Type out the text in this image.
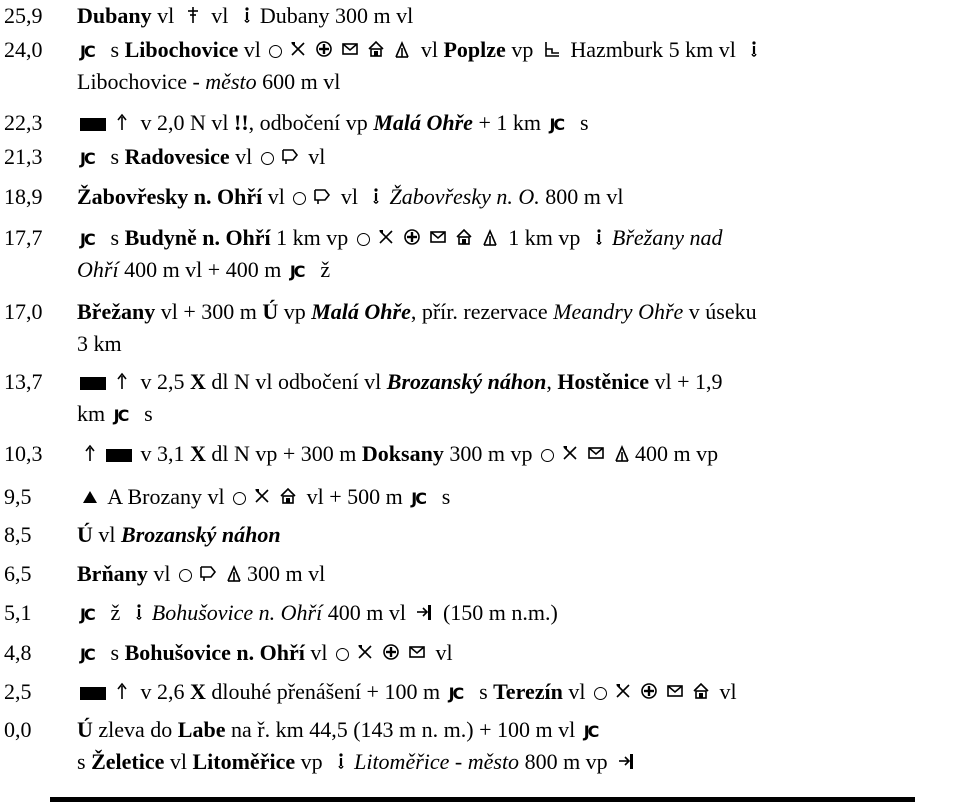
25,9 Dubany vl  vl Dubany 300 m vl
24,0 JC s Libochovice vl	vl Poplze vp  Hazmburk 5 km vl
Libochovice - město 600 m vl
22,3	v 2,0 N vl !!, odbočení vp Malá Ohře + 1 km JC s
21,3 JC s Radovesice vl  vl
18,9 Žabovřesky n. Ohří vl  vl Žabovřesky n. O. 800 m vl
17,7 JC s Budyně n. Ohří 1 km vp	1 km vp Břežany nad
Ohří 400 m vl + 400 m JC ž
17,0 Břežany vl + 300 m Ú vp Malá Ohře, přír. rezervace Meandry Ohře v úseku
3 km
13,7	v 2,5 X dl N vl odbočení vl Brozanský náhon, Hostěnice vl + 1,9
km JC s
10,3	v 3,1 X dl N vp + 300 m Doksany 300 m vp	400 m vp
9,5	A Brozany vl	vl + 500 m JC s
8,5 Ú vl Brozanský náhon
6,5 Brňany vl	300 m vl
5,1	JC ž Bohušovice n. Ohří 400 m vl  (150 m n.m.)
4,8	JC s Bohušovice n. Ohří vl	vl
2,5	v 2,6 X dlouhé přenášení + 100 m JC s Terezín vl	vl
0,0 Ú zleva do Labe na ř. km 44,5 (143 m n. m.) + 100 m vl JC
s Želetice vl Litoměřice vp Litoměřice - město 800 m vp
